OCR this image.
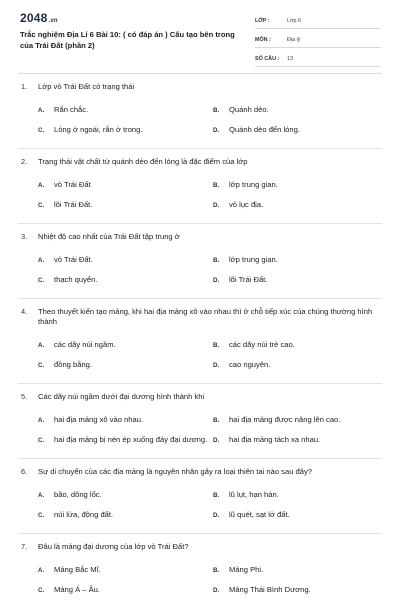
2048.vn
Trắc nghiệm Địa Lí 6 Bài 10: ( có đáp án ) Cấu tạo bên trong của Trái Đất (phần 2)
LỚP :	Lớp 6
MÔN :	Địa lý
SỐ CÂU :	13
1. Lớp vỏ Trái Đất có trạng thái
A.	Rắn chắc.	B.	Quánh dẻo.
C.	Lỏng ở ngoài, rắn ở trong.	D.	Quánh dẻo đến lỏng.
2. Trạng thái vật chất từ quánh dẻo đến lỏng là đặc điểm của lớp
A.	vỏ Trái Đất	B.	lớp trung gian.
C.	lõi Trái Đất.	D.	vỏ lục địa.
3. Nhiệt độ cao nhất của Trái Đất tập trung ở
A.	vỏ Trái Đất.	B.	lớp trung gian.
C.	thạch quyển.	D.	lõi Trái Đất.
4. Theo thuyết kiến tạo mảng, khi hai địa mảng xô vào nhau thì ở chỗ tiếp xúc của chúng thường hình thành
A.	các dãy núi ngầm.	B.	các dãy núi trẻ cao.
C.	đồng bằng.	D.	cao nguyên.
5. Các dãy núi ngầm dưới đại dương hình thành khi
A.	hai địa mảng xô vào nhau.	B.	hai địa mảng được nâng lên cao.
C.	hai địa mảng bị nén ép xuống đáy đại dương. D.	hai địa mảng tách xa nhau.
6. Sự di chuyển của các địa mảng là nguyên nhân gây ra loại thiên tai nào sau đây?
A.	bão, dông lốc.	B.	lũ lụt, hạn hán.
C.	núi lửa, động đất.	D.	lũ quét, sạt lở đất.
7. Đâu là mảng đại dương của lớp vỏ Trái Đất?
A.	Mảng Bắc Mĩ.	B.	Mảng Phi.
C.	Mảng Á – Âu.	D.	Mảng Thái Bình Dương.
